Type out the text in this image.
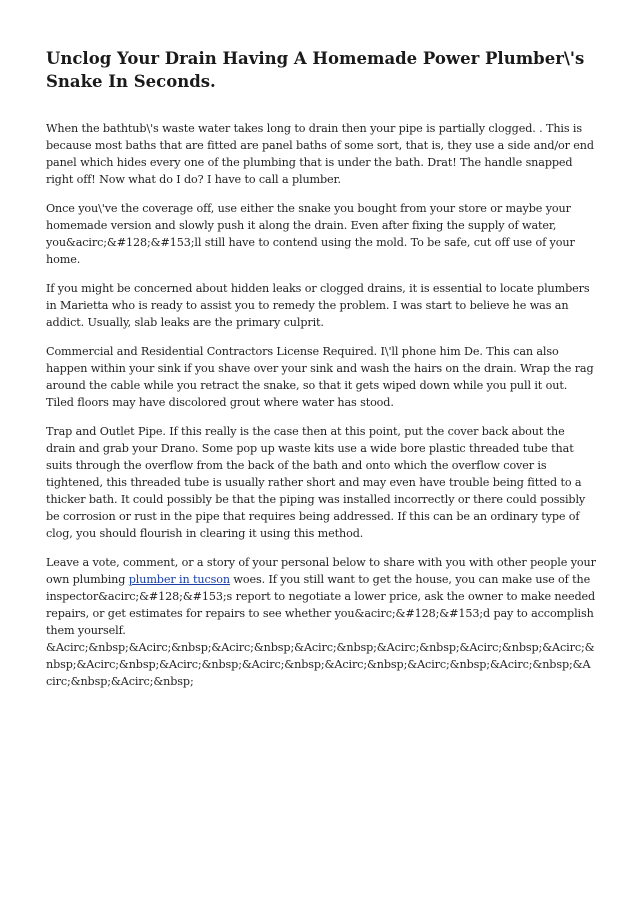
Unclog Your Drain Having A Homemade Power Plumber\'s Snake In Seconds.

When the bathtub\'s waste water takes long to drain then your pipe is partially clogged. . This is because most baths that are fitted are panel baths of some sort, that is, they use a side and/or end panel which hides every one of the plumbing that is under the bath. Drat! The handle snapped right off! Now what do I do? I have to call a plumber.

Once you\'ve the coverage off, use either the snake you bought from your store or maybe your homemade version and slowly push it along the drain. Even after fixing the supply of water, you&acirc;&#128;&#153;ll still have to contend using the mold. To be safe, cut off use of your home.

If you might be concerned about hidden leaks or clogged drains, it is essential to locate plumbers in Marietta who is ready to assist you to remedy the problem. I was start to believe he was an addict. Usually, slab leaks are the primary culprit.

Commercial and Residential Contractors License Required. I\'ll phone him De. This can also happen within your sink if you shave over your sink and wash the hairs on the drain. Wrap the rag around the cable while you retract the snake, so that it gets wiped down while you pull it out. Tiled floors may have discolored grout where water has stood.

Trap and Outlet Pipe. If this really is the case then at this point, put the cover back about the drain and grab your Drano. Some pop up waste kits use a wide bore plastic threaded tube that suits through the overflow from the back of the bath and onto which the overflow cover is tightened, this threaded tube is usually rather short and may even have trouble being fitted to a thicker bath. It could possibly be that the piping was installed incorrectly or there could possibly be corrosion or rust in the pipe that requires being addressed. If this can be an ordinary type of clog, you should flourish in clearing it using this method.

Leave a vote, comment, or a story of your personal below to share with you with other people your own plumbing plumber in tucson woes. If you still want to get the house, you can make use of the inspector&acirc;&#128;&#153;s report to negotiate a lower price, ask the owner to make needed repairs, or get estimates for repairs to see whether you&acirc;&#128;&#153;d pay to accomplish them yourself.
&Acirc;&nbsp;&Acirc;&nbsp;&Acirc;&nbsp;&Acirc;&nbsp;&Acirc;&nbsp;&Acirc;&nbsp;&Acirc;&nbsp;&Acirc;&nbsp;&Acirc;&nbsp;&Acirc;&nbsp;&Acirc;&nbsp;&Acirc;&nbsp;&Acirc;&nbsp;&Acirc;&nbsp;&Acirc;&nbsp;
